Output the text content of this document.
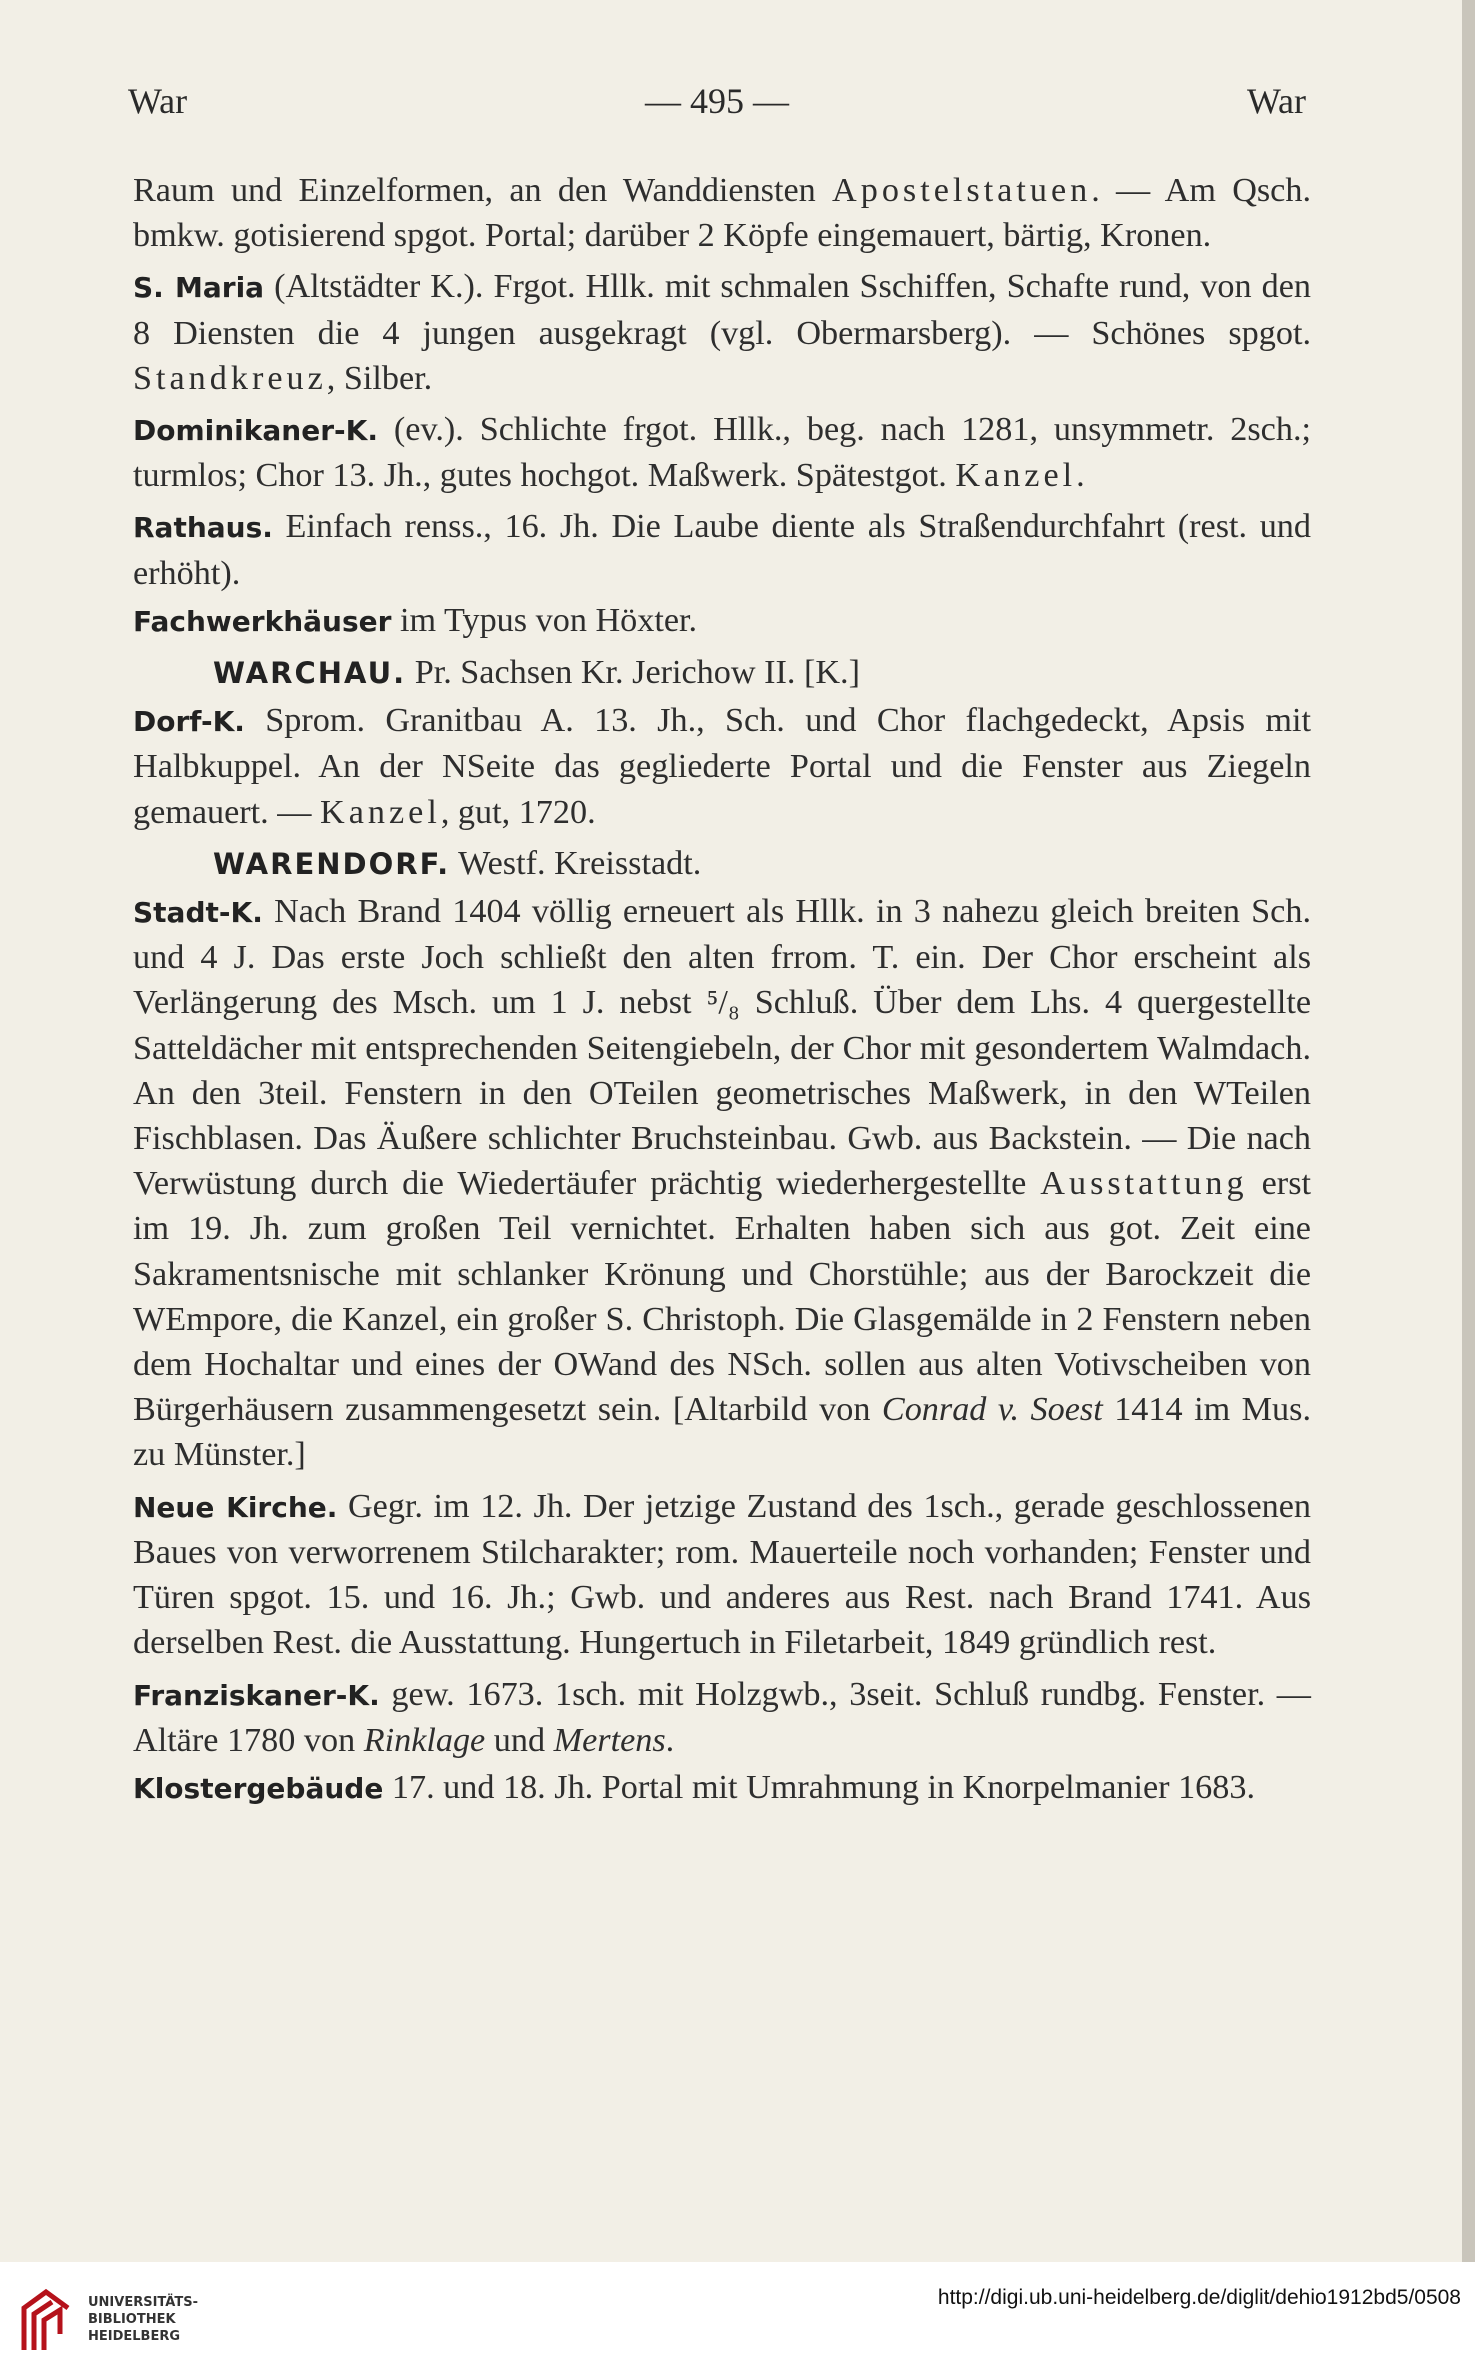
War	— 495 —	War
Raum und Einzelformen, an den Wanddiensten Apostelstatuen. — Am Qsch. bmkw. gotisierend spgot. Portal; darüber 2 Köpfe eingemauert, bärtig, Kronen.
S. Maria (Altstädter K.). Frgot. Hllk. mit schmalen Sschiffen, Schafte rund, von den 8 Diensten die 4 jungen ausgekragt (vgl. Obermarsberg). — Schönes spgot. Standkreuz, Silber.
Dominikaner-K. (ev.). Schlichte frgot. Hllk., beg. nach 1281, unsymmetr. 2sch.; turmlos; Chor 13. Jh., gutes hochgot. Maßwerk. Spätestgot. Kanzel.
Rathaus. Einfach renss., 16. Jh. Die Laube diente als Straßendurchfahrt (rest. und erhöht).
Fachwerkhäuser im Typus von Höxter.
WARCHAU. Pr. Sachsen Kr. Jerichow II. [K.]
Dorf-K. Sprom. Granitbau A. 13. Jh., Sch. und Chor flachgedeckt, Apsis mit Halbkuppel. An der NSeite das gegliederte Portal und die Fenster aus Ziegeln gemauert. — Kanzel, gut, 1720.
WARENDORF. Westf. Kreisstadt.
Stadt-K. Nach Brand 1404 völlig erneuert als Hllk. in 3 nahezu gleich breiten Sch. und 4 J. Das erste Joch schließt den alten frrom. T. ein. Der Chor erscheint als Verlängerung des Msch. um 1 J. nebst ⁵/₈ Schluß. Über dem Lhs. 4 quergestellte Satteldächer mit entsprechenden Seitengiebeln, der Chor mit gesondertem Walmdach. An den 3teil. Fenstern in den OTeilen geometrisches Maßwerk, in den WTeilen Fischblasen. Das Äußere schlichter Bruchsteinbau. Gwb. aus Backstein. — Die nach Verwüstung durch die Wiedertäufer prächtig wiederhergestellte Ausstattung erst im 19. Jh. zum großen Teil vernichtet. Erhalten haben sich aus got. Zeit eine Sakramentsnische mit schlanker Krönung und Chorstühle; aus der Barockzeit die WEmpore, die Kanzel, ein großer S. Christoph. Die Glasgemälde in 2 Fenstern neben dem Hochaltar und eines der OWand des NSch. sollen aus alten Votivscheiben von Bürgerhäusern zusammengesetzt sein. [Altarbild von Conrad v. Soest 1414 im Mus. zu Münster.]
Neue Kirche. Gegr. im 12. Jh. Der jetzige Zustand des 1sch., gerade geschlossenen Baues von verworrenem Stilcharakter; rom. Mauerteile noch vorhanden; Fenster und Türen spgot. 15. und 16. Jh.; Gwb. und anderes aus Rest. nach Brand 1741. Aus derselben Rest. die Ausstattung. Hungertuch in Filetarbeit, 1849 gründlich rest.
Franziskaner-K. gew. 1673. 1sch. mit Holzgwb., 3seit. Schluß rundbg. Fenster. — Altäre 1780 von Rinklage und Mertens.
Klostergebäude 17. und 18. Jh. Portal mit Umrahmung in Knorpelmanier 1683.
UNIVERSITÄTS-
BIBLIOTHEK
HEIDELBERG
http://digi.ub.uni-heidelberg.de/diglit/dehio1912bd5/0508
